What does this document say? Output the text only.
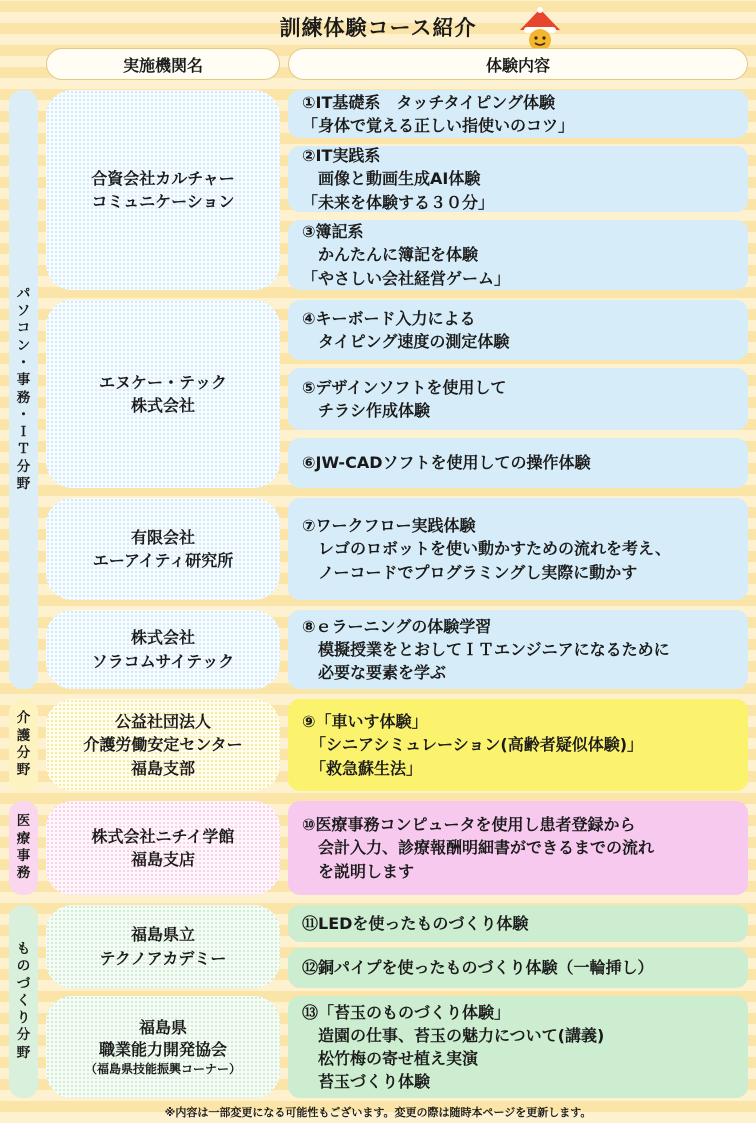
訓練体験コース紹介
実施機関名	体験内容
パ
ソ
コ
ン
・
事
務
・
Ｉ
Ｔ
分
野
介
護
分
野
医
療
事
務
も
の
づ
く
り
分
野
合資会社カルチャー
コミュニケーション
エヌケー・テック
株式会社
有限会社
エーアイティ研究所
株式会社
ソラコムサイテック
公益社団法人
介護労働安定センター
福島支部
株式会社ニチイ学館
福島支店
福島県立
テクノアカデミー
福島県
職業能力開発協会
（福島県技能振興コーナー）
①IT基礎系　タッチタイピング体験
「身体で覚える正しい指使いのコツ」
②IT実践系
　画像と動画生成AI体験
「未来を体験する３０分」
③簿記系
　かんたんに簿記を体験
「やさしい会社経営ゲーム」
④キーボード入力による
　タイピング速度の測定体験
⑤デザインソフトを使用して
　チラシ作成体験
⑥JW-CADソフトを使用しての操作体験
⑦ワークフロー実践体験
　レゴのロボットを使い動かすための流れを考え、
　ノーコードでプログラミングし実際に動かす
⑧ｅラーニングの体験学習
　模擬授業をとおしてＩＴエンジニアになるために
　必要な要素を学ぶ
⑨「車いす体験」
　「シニアシミュレーション(高齢者疑似体験)」
　「救急蘇生法」
⑩医療事務コンピュータを使用し患者登録から
　会計入力、診療報酬明細書ができるまでの流れ
　を説明します
⑪LEDを使ったものづくり体験
⑫銅パイプを使ったものづくり体験（一輪挿し）
⑬「苔玉のものづくり体験」
　造園の仕事、苔玉の魅力について(講義)
　松竹梅の寄せ植え実演
　苔玉づくり体験
※内容は一部変更になる可能性もございます。変更の際は随時本ページを更新します。
